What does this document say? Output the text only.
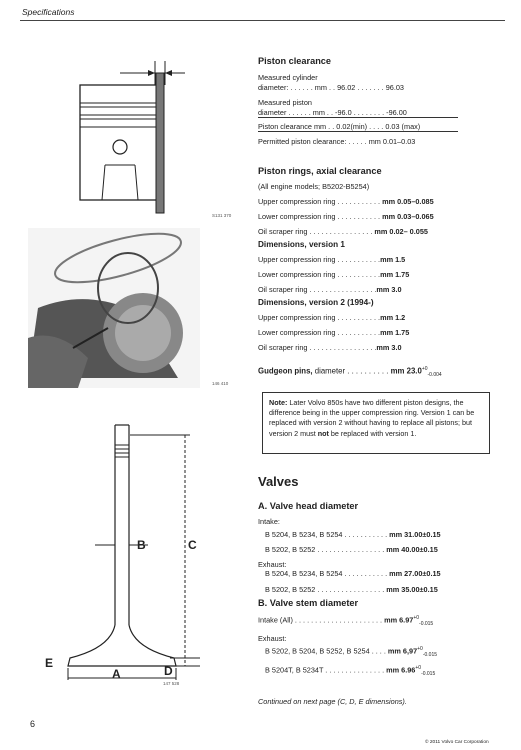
Specifications
S131 370
146 410
B	C
A	D
E
147 528
Piston clearance
Measured cylinder
diameter: . . . . . . mm . . 96.02 . . . . . . . 96.03
Measured piston
diameter . . . . . . mm . . -96.0 . . . . . . . . -96.00
Piston clearance mm . . 0.02(min) . . . . 0.03 (max)
Permitted piston clearance: . . . . . mm 0.01–0.03
Piston rings, axial clearance
(All engine models; B5202-B5254)
Upper compression ring . . . . . . . . . . . mm 0.05–0.085
Lower compression ring . . . . . . . . . . . mm 0.03–0.065
Oil scraper ring . . . . . . . . . . . . . . . . mm 0.02– 0.055
Dimensions, version 1
Upper compression ring . . . . . . . . . . .mm 1.5
Lower compression ring . . . . . . . . . . .mm 1.75
Oil scraper ring . . . . . . . . . . . . . . . . .mm 3.0
Dimensions, version 2 (1994-)
Upper compression ring . . . . . . . . . . .mm 1.2
Lower compression ring . . . . . . . . . . .mm 1.75
Oil scraper ring . . . . . . . . . . . . . . . . .mm 3.0
Gudgeon pins, diameter . . . . . . . . . . mm $23.0^{+0}_{-0.004}$
Note: Later Volvo 850s have two different piston designs, the difference being in the upper compression ring. Version 1 can be replaced with version 2 without having to replace all pistons; but version 2 must not be replaced with version 1.
Valves
A. Valve head diameter
Intake:
B 5204, B 5234, B 5254 . . . . . . . . . . . mm 31.00±0.15
B 5202, B 5252 . . . . . . . . . . . . . . . . . mm 40.00±0.15
Exhaust:
B 5204, B 5234, B 5254 . . . . . . . . . . . mm 27.00±0.15
B 5202, B 5252 . . . . . . . . . . . . . . . . . mm 35.00±0.15
B. Valve stem diameter
Intake (All) . . . . . . . . . . . . . . . . . . . . . . mm $6.97^{+0}_{-0.015}$
Exhaust:
B 5202, B 5204, B 5252, B 5254 . . . . mm $6,97^{+0}_{-0.015}$
B 5204T, B 5234T . . . . . . . . . . . . . . . mm $6.96^{+0}_{-0.015}$
Continued on next page (C, D, E dimensions).
6
© 2011 Volvo Car Corporation
